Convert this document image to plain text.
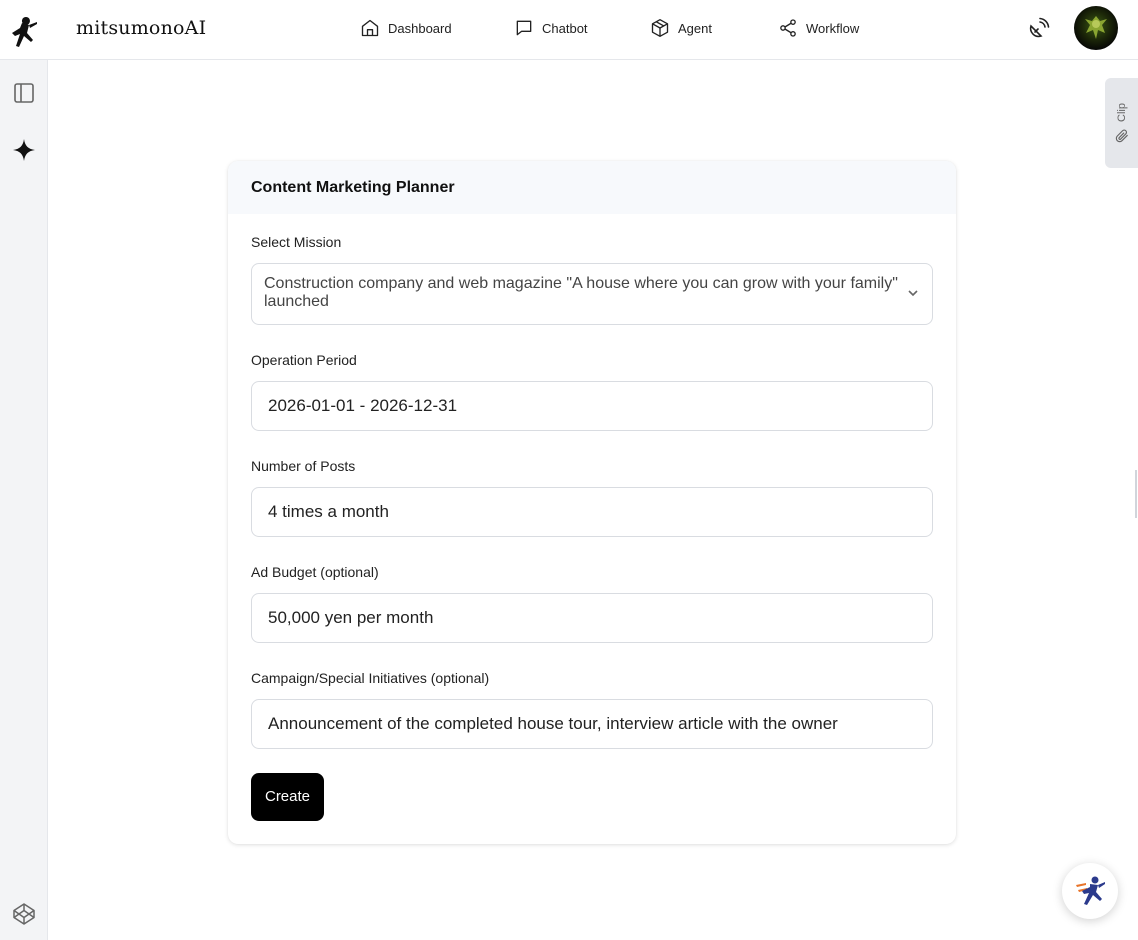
mitsumonoAI	Dashboard	Chatbot	Agent	Workflow
Clip
Content Marketing Planner
Select Mission
Construction company and web magazine "A house where you can grow with your family" launched
Operation Period
2026-01-01 - 2026-12-31
Number of Posts
4 times a month
Ad Budget (optional)
50,000 yen per month
Campaign/Special Initiatives (optional)
Announcement of the completed house tour, interview article with the owner
Create
